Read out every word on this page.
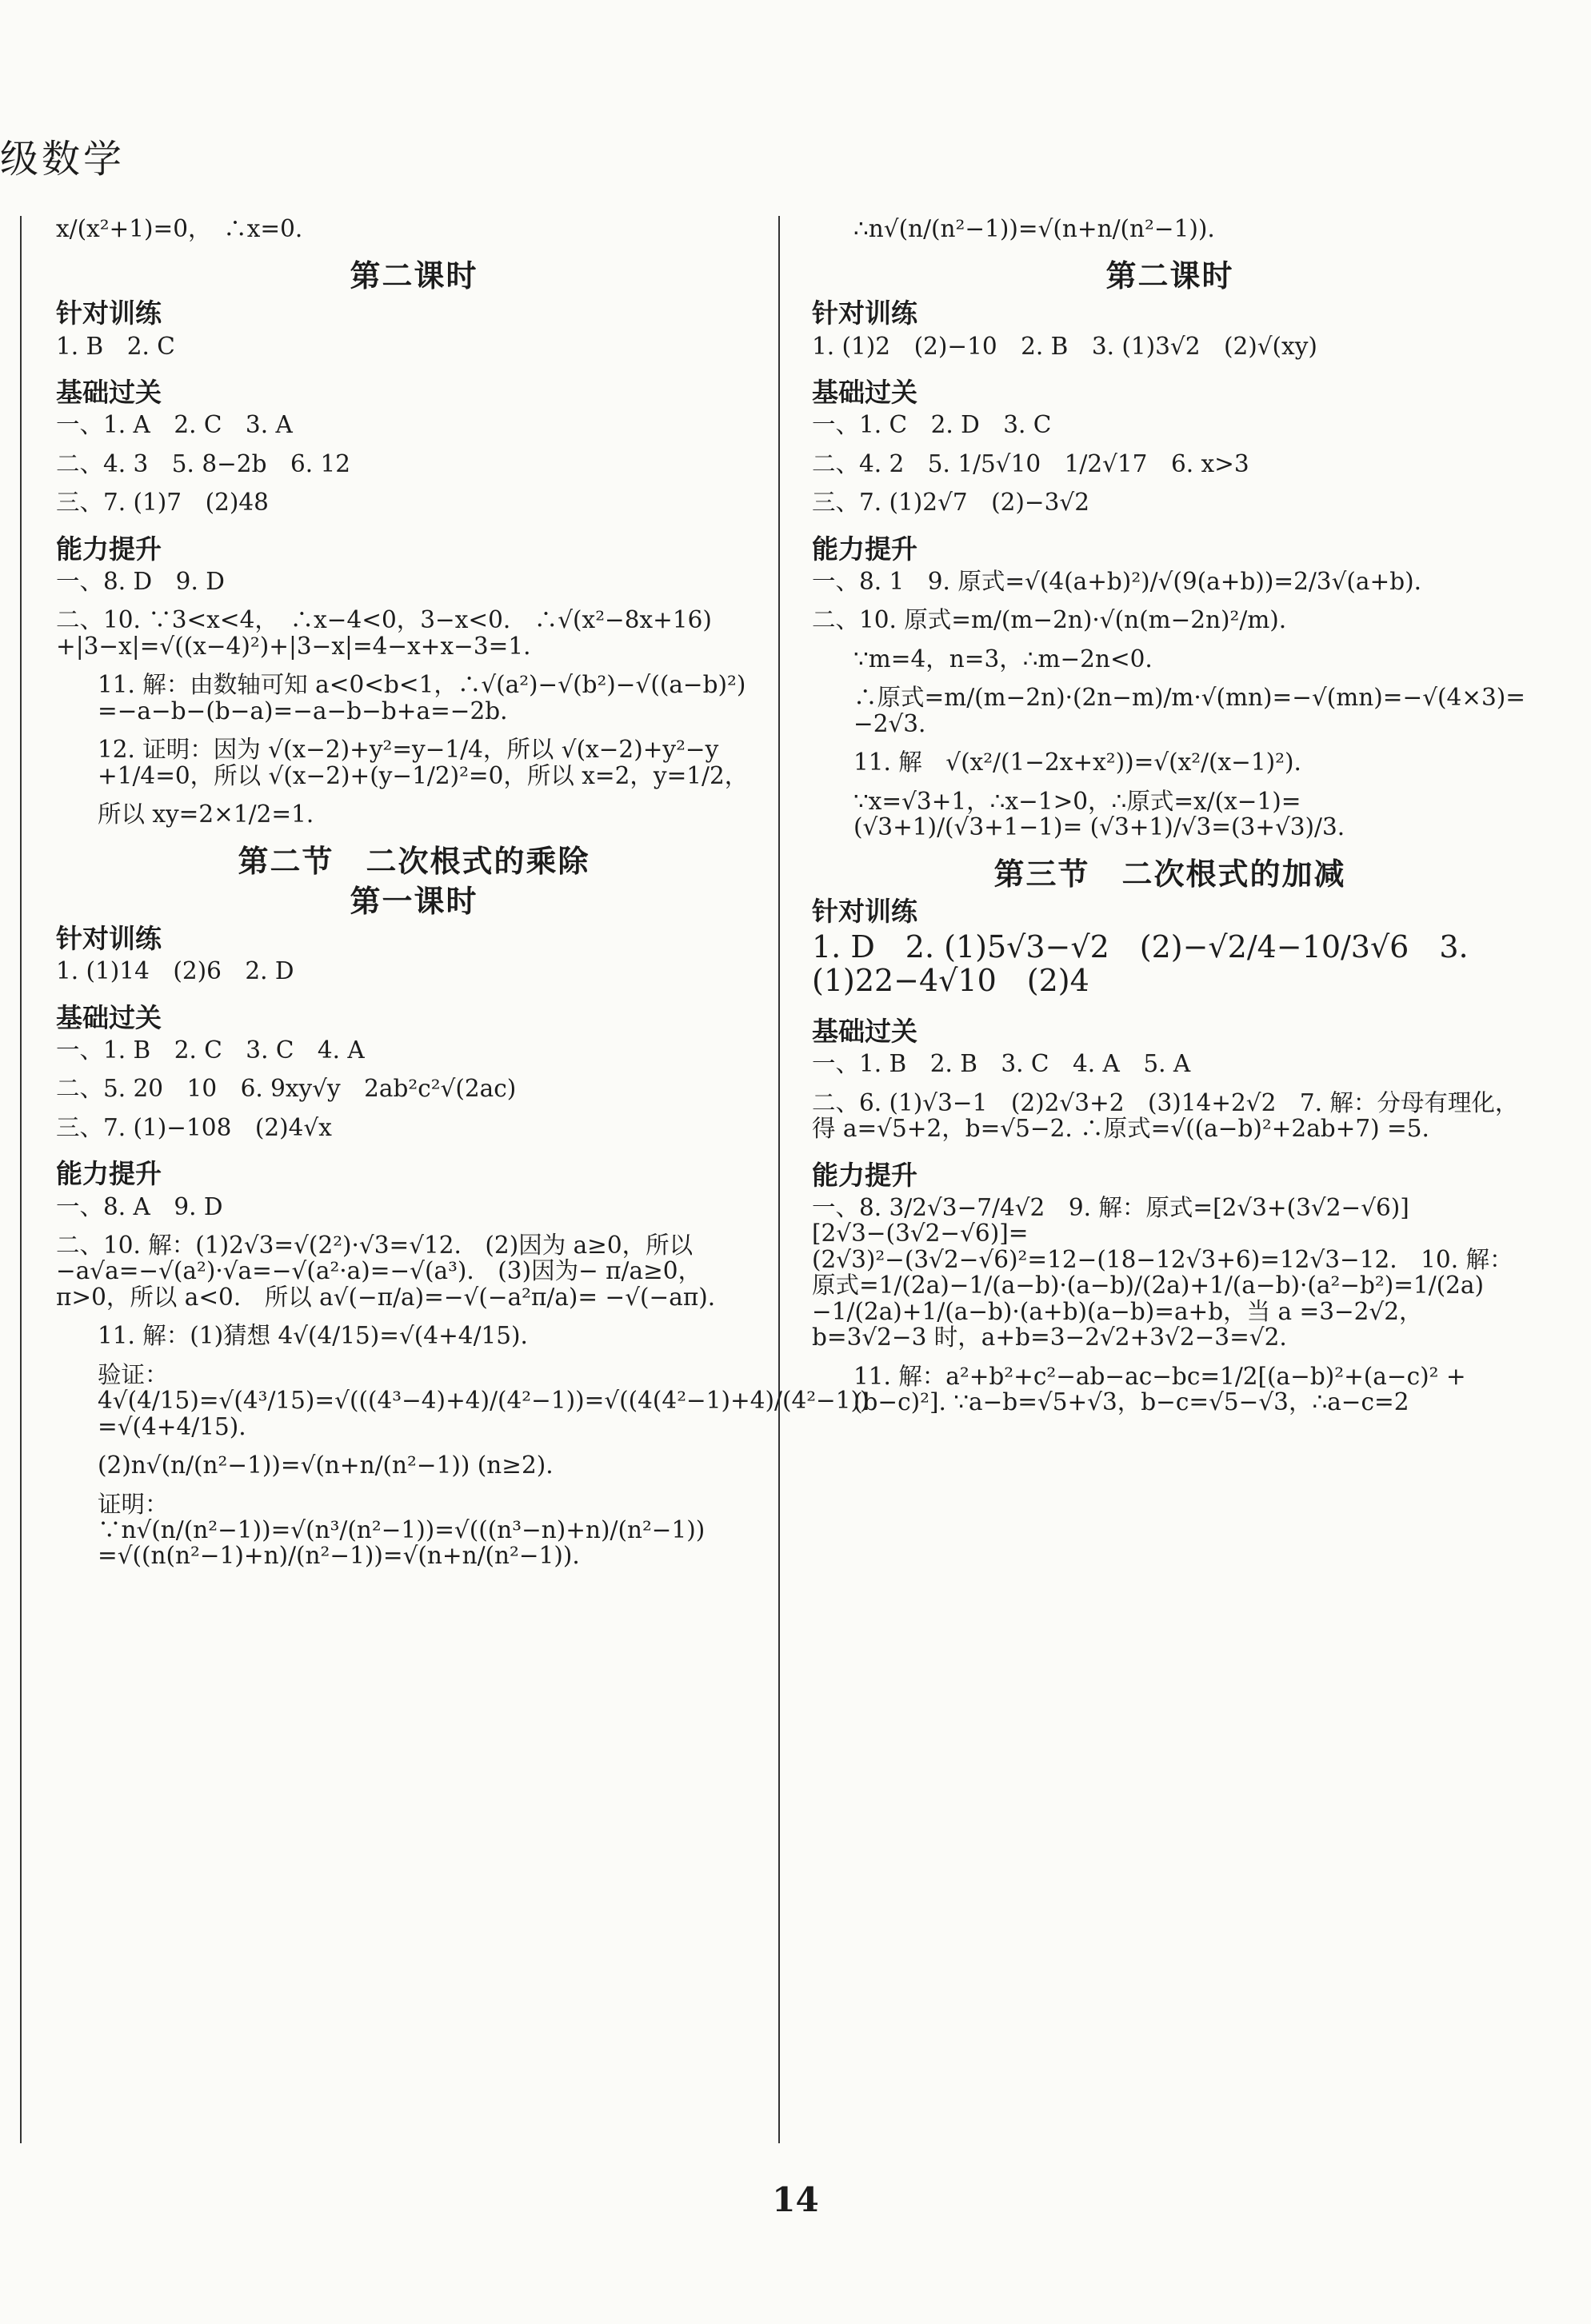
级数学
x/(x²+1)=0，　∴x=0.
第二课时
针对训练
1. B　2. C
基础过关
一、1. A　2. C　3. A
二、4. 3　5. 8−2b　6. 12
三、7. (1)7　(2)48
能力提升
一、8. D　9. D
二、10. ∵3<x<4，　∴x−4<0，3−x<0.　∴√(x²−8x+16) +|3−x|=√((x−4)²)+|3−x|=4−x+x−3=1.
11. 解：由数轴可知 a<0<b<1，∴√(a²)−√(b²)−√((a−b)²) =−a−b−(b−a)=−a−b−b+a=−2b.
12. 证明：因为 √(x−2)+y²=y−1/4，所以 √(x−2)+y²−y +1/4=0，所以 √(x−2)+(y−1/2)²=0，所以 x=2，y=1/2，
所以 xy=2×1/2=1.
第二节　二次根式的乘除
第一课时
针对训练
1. (1)14　(2)6　2. D
基础过关
一、1. B　2. C　3. C　4. A
二、5. 20　10　6. 9xy√y　2ab²c²√(2ac)
三、7. (1)−108　(2)4√x
能力提升
一、8. A　9. D
二、10. 解：(1)2√3=√(2²)·√3=√12.　(2)因为 a≥0，所以 −a√a=−√(a²)·√a=−√(a²·a)=−√(a³).　(3)因为− π/a≥0，π>0，所以 a<0.　所以 a√(−π/a)=−√(−a²π/a)= −√(−aπ).
11. 解：(1)猜想 4√(4/15)=√(4+4/15).
验证：4√(4/15)=√(4³/15)=√(((4³−4)+4)/(4²−1))=√((4(4²−1)+4)/(4²−1)) =√(4+4/15).
(2)n√(n/(n²−1))=√(n+n/(n²−1)) (n≥2).
证明：∵n√(n/(n²−1))=√(n³/(n²−1))=√(((n³−n)+n)/(n²−1)) =√((n(n²−1)+n)/(n²−1))=√(n+n/(n²−1)).
∴n√(n/(n²−1))=√(n+n/(n²−1)).
第二课时
针对训练
1. (1)2　(2)−10　2. B　3. (1)3√2　(2)√(xy)
基础过关
一、1. C　2. D　3. C
二、4. 2　5. 1/5√10　1/2√17　6. x>3
三、7. (1)2√7　(2)−3√2
能力提升
一、8. 1　9. 原式=√(4(a+b)²)/√(9(a+b))=2/3√(a+b).
二、10. 原式=m/(m−2n)·√(n(m−2n)²/m).
∵m=4，n=3，∴m−2n<0.
∴原式=m/(m−2n)·(2n−m)/m·√(mn)=−√(mn)=−√(4×3)= −2√3.
11. 解　√(x²/(1−2x+x²))=√(x²/(x−1)²).
∵x=√3+1，∴x−1>0，∴原式=x/(x−1)=(√3+1)/(√3+1−1)= (√3+1)/√3=(3+√3)/3.
第三节　二次根式的加减
针对训练
1. D　2. (1)5√3−√2　(2)−√2/4−10/3√6　3. (1)22−4√10　(2)4
基础过关
一、1. B　2. B　3. C　4. A　5. A
二、6. (1)√3−1　(2)2√3+2　(3)14+2√2　7. 解：分母有理化，得 a=√5+2，b=√5−2. ∴原式=√((a−b)²+2ab+7) =5.
能力提升
一、8. 3/2√3−7/4√2　9. 解：原式=[2√3+(3√2−√6)][2√3−(3√2−√6)]=(2√3)²−(3√2−√6)²=12−(18−12√3+6)=12√3−12.　10. 解：原式=1/(2a)−1/(a−b)·(a−b)/(2a)+1/(a−b)·(a²−b²)=1/(2a)−1/(2a)+1/(a−b)·(a+b)(a−b)=a+b，当 a =3−2√2，b=3√2−3 时，a+b=3−2√2+3√2−3=√2.
11. 解：a²+b²+c²−ab−ac−bc=1/2[(a−b)²+(a−c)² +(b−c)²]. ∵a−b=√5+√3，b−c=√5−√3，∴a−c=2
14
